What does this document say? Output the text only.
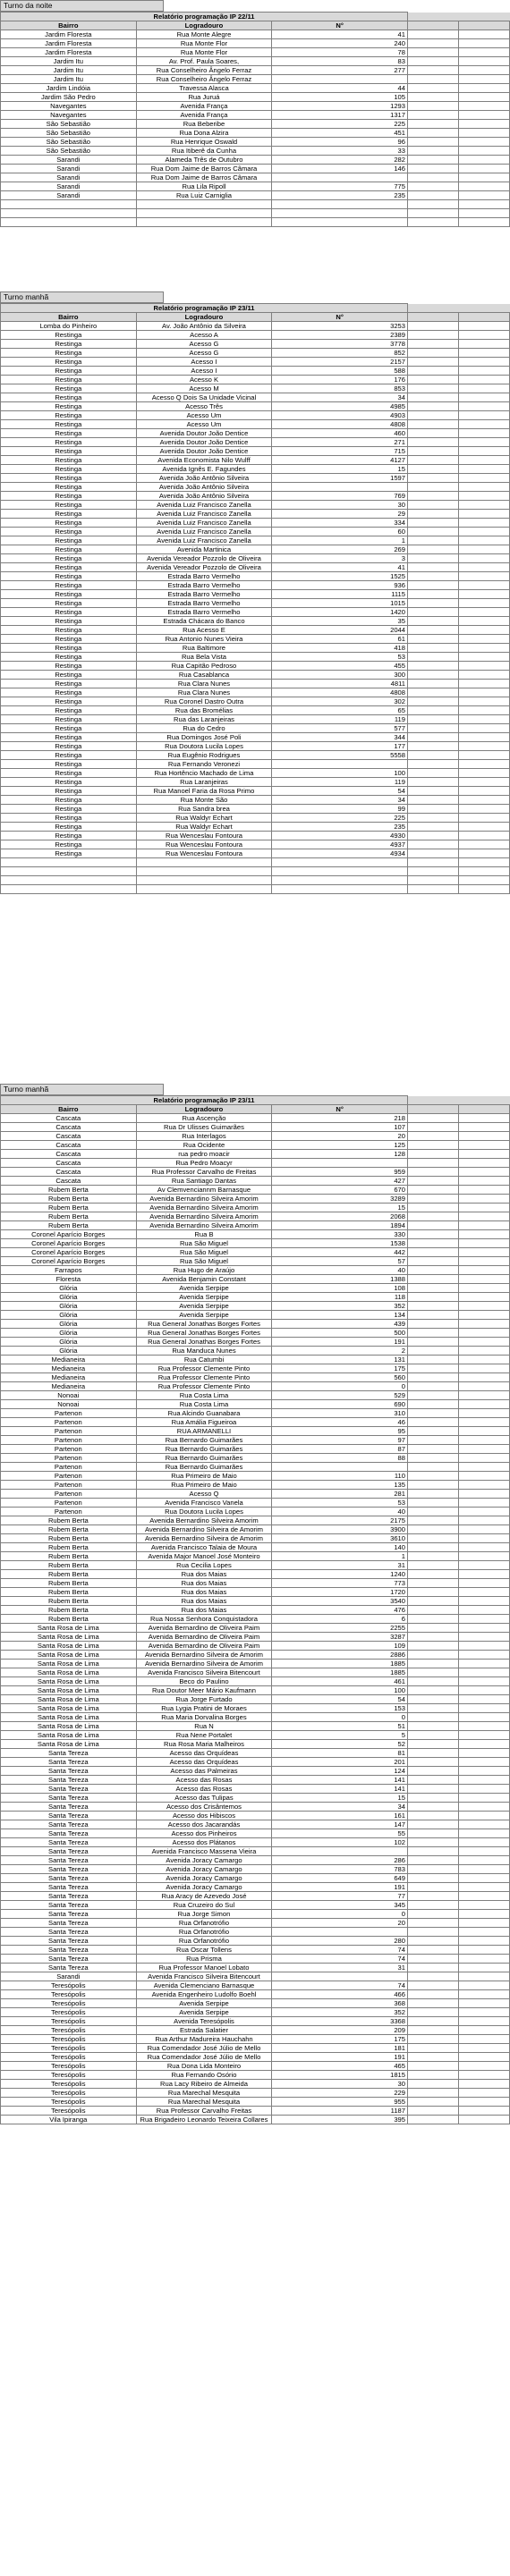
Turno da noite
Relatório programação IP 22/11				
Bairro	Logradouro	N°		
Jardim Floresta	Rua Monte Alegre	41		
Jardim Floresta	Rua Monte Flor	240		
Jardim Floresta	Rua Monte Flor	78		
Jardim Itu	Av. Prof. Paula Soares,	83		
Jardim Itu	Rua Conselheiro Ângelo Ferraz	277		
Jardim Itu	Rua Conselheiro Ângelo Ferraz			
Jardim Lindóia	Travessa Alasca	44		
Jardim São Pedro	Rua Juruá	105		
Navegantes	Avenida França	1293		
Navegantes	Avenida França	1317		
São Sebastião	Rua Beberibe	225		
São Sebastião	Rua Dona Alzira	451		
São Sebastião	Rua Henrique Oswald	96		
São Sebastião	Rua Itiberê da Cunha	33		
Sarandi	Alameda Três de Outubro	282		
Sarandi	Rua Dom Jaime de Barros Câmara	146		
Sarandi	Rua Dom Jaime de Barros Câmara			
Sarandi	Rua Lila Ripoll	775		
Sarandi	Rua Luiz Carniglia	235		

Turno manhã
Relatório programação IP 23/11				
Bairro	Logradouro	N°		
Lomba do Pinheiro	Av. João Antônio da Silveira	3253		
Restinga	Acesso A	2389		
Restinga	Acesso G	3778		
Restinga	Acesso G	852		
Restinga	Acesso I	2157		
Restinga	Acesso I	588		
Restinga	Acesso K	176		
Restinga	Acesso M	853		
Restinga	Acesso Q Dois Sa Unidade Vicinal	34		
Restinga	Acesso Três	4985		
Restinga	Acesso Um	4903		
Restinga	Acesso Um	4808		
Restinga	Avenida Doutor João Dentice	460		
Restinga	Avenida Doutor João Dentice	271		
Restinga	Avenida Doutor João Dentice	715		
Restinga	Avenida Economista Nilo Wulff	4127		
Restinga	Avenida Ignês E. Fagundes	15		
Restinga	Avenida João Antônio Silveira	1597		
Restinga	Avenida João Antônio Silveira			
Restinga	Avenida João Antônio Silveira	769		
Restinga	Avenida Luiz Francisco Zanella	30		
Restinga	Avenida Luiz Francisco Zanella	29		
Restinga	Avenida Luiz Francisco Zanella	334		
Restinga	Avenida Luiz Francisco Zanella	60		
Restinga	Avenida Luiz Francisco Zanella	1		
Restinga	Avenida Martinica	269		
Restinga	Avenida Vereador Pozzolo de Oliveira	3		
Restinga	Avenida Vereador Pozzolo de Oliveira	41		
Restinga	Estrada Barro Vermelho	1525		
Restinga	Estrada Barro Vermelho	936		
Restinga	Estrada Barro Vermelho	1115		
Restinga	Estrada Barro Vermelho	1015		
Restinga	Estrada Barro Vermelho	1420		
Restinga	Estrada Chácara do Banco	35		
Restinga	Rua Acesso E	2044		
Restinga	Rua Antonio Nunes Vieira	61		
Restinga	Rua Baltimore	418		
Restinga	Rua Bela Vista	53		
Restinga	Rua Capitão Pedroso	455		
Restinga	Rua Casablanca	300		
Restinga	Rua Clara Nunes	4811		
Restinga	Rua Clara Nunes	4808		
Restinga	Rua Coronel Dastro Outra	302		
Restinga	Rua das Bromélias	65		
Restinga	Rua das Laranjeiras	119		
Restinga	Rua do Cedro	577		
Restinga	Rua Domingos José Poli	344		
Restinga	Rua Doutora Lucila Lopes	177		
Restinga	Rua Eugênio Rodrigues	5558		
Restinga	Rua Fernando Veronezi			
Restinga	Rua Hortêncio Machado de Lima	100		
Restinga	Rua Laranjeiras	119		
Restinga	Rua Manoel Faria da Rosa Primo	54		
Restinga	Rua Monte São	34		
Restinga	Rua Sandra brea	99		
Restinga	Rua Waldyr Echart	225		
Restinga	Rua Waldyr Echart	235		
Restinga	Rua Wenceslau Fontoura	4930		
Restinga	Rua Wenceslau Fontoura	4937		
Restinga	Rua Wenceslau Fontoura	4934		

Turno manhã
Relatório programação IP 23/11				
Bairro	Logradouro	N°		
Cascata	Rua Ascenção	218		
Cascata	Rua Dr Ulisses Guimarães	107		
Cascata	Rua Interlagos	20		
Cascata	Rua Ocidente	125		
Cascata	rua pedro moacir	128		
Cascata	Rua Pedro Moacyr			
Cascata	Rua Professor Carvalho de Freitas	959		
Cascata	Rua Santiago Dantas	427		
Rubem Berta	Av Clemvenciannm Barnasque	670		
Rubem Berta	Avenida Bernardino Silveira Amorim	3289		
Rubem Berta	Avenida Bernardino Silveira Amorim	15		
Rubem Berta	Avenida Bernardino Silveira Amorim	2068		
Rubem Berta	Avenida Bernardino Silveira Amorim	1894		
Coronel Aparício Borges	Rua B	330		
Coronel Aparício Borges	Rua São Miguel	1538		
Coronel Aparício Borges	Rua São Miguel	442		
Coronel Aparício Borges	Rua São Miguel	57		
Farrapos	Rua Hugo de Araújo	40		
Floresta	Avenida Benjamin Constant	1388		
Glória	Avenida Serpipe	108		
Glória	Avenida Serpipe	118		
Glória	Avenida Serpipe	352		
Glória	Avenida Serpipe	134		
Glória	Rua General Jonathas Borges Fortes	439		
Glória	Rua General Jonathas Borges Fortes	500		
Glória	Rua General Jonathas Borges Fortes	191		
Glória	Rua Manduca Nunes	2		
Medianeira	Rua Catumbi	131		
Medianeira	Rua Professor Clemente Pinto	175		
Medianeira	Rua Professor Clemente Pinto	560		
Medianeira	Rua Professor Clemente Pinto	0		
Nonoai	Rua Costa Lima	529		
Nonoai	Rua Costa Lima	690		
Partenon	Rua Alcindo Guanabara	310		
Partenon	Rua Amália Figueiroa	46		
Partenon	RUA ARMANELLI	95		
Partenon	Rua Bernardo Guimarães	97		
Partenon	Rua Bernardo Guimarães	87		
Partenon	Rua Bernardo Guimarães	88		
Partenon	Rua Bernardo Guimarães			
Partenon	Rua Primeiro de Maio	110		
Partenon	Rua Primeiro de Maio	135		
Partenon	Acesso Q	281		
Partenon	Avenida Francisco Vanela	53		
Partenon	Rua Doutora Lucila Lopes	40		
Rubem Berta	Avenida Bernardino Silveira Amorim	2175		
Rubem Berta	Avenida Bernardino Silveira de Amorim	3900		
Rubem Berta	Avenida Bernardino Silveira de Amorim	3610		
Rubem Berta	Avenida Francisco Talaia de Moura	140		
Rubem Berta	Avenida Major Manoel José Monteiro	1		
Rubem Berta	Rua Cecilia Lopes	31		
Rubem Berta	Rua dos Maias	1240		
Rubem Berta	Rua dos Maias	773		
Rubem Berta	Rua dos Maias	1720		
Rubem Berta	Rua dos Maias	3540		
Rubem Berta	Rua dos Maias	476		
Rubem Berta	Rua Nossa Senhora Conquistadora	6		
Santa Rosa de Lima	Avenida Bernardino de Oliveira Paim	2255		
Santa Rosa de Lima	Avenida Bernardino de Oliveira Paim	3287		
Santa Rosa de Lima	Avenida Bernardino de Oliveira Paim	109		
Santa Rosa de Lima	Avenida Bernardino Silveira de Amorim	2886		
Santa Rosa de Lima	Avenida Bernardino Silveira de Amorim	1885		
Santa Rosa de Lima	Avenida Francisco Silveira Bitencourt	1885		
Santa Rosa de Lima	Beco do Paulino	461		
Santa Rosa de Lima	Rua Doutor Meer Mário Kaufmann	100		
Santa Rosa de Lima	Rua Jorge Furtado	54		
Santa Rosa de Lima	Rua Lygia Pratini de Moraes	153		
Santa Rosa de Lima	Rua Maria Dorvalina Borges	0		
Santa Rosa de Lima	Rua N	51		
Santa Rosa de Lima	Rua Nene Portalet	5		
Santa Rosa de Lima	Rua Rosa Maria Malheiros	52		
Santa Tereza	Acesso das Orquídeas	81		
Santa Tereza	Acesso das Orquídeas	201		
Santa Tereza	Acesso das Palmeiras	124		
Santa Tereza	Acesso das Rosas	141		
Santa Tereza	Acesso das Rosas	141		
Santa Tereza	Acesso das Tulipas	15		
Santa Tereza	Acesso dos Crisântemos	34		
Santa Tereza	Acesso dos Hibiscos	161		
Santa Tereza	Acesso dos Jacarandás	147		
Santa Tereza	Acesso dos Pinheiros	55		
Santa Tereza	Acesso dos Plátanos	102		
Santa Tereza	Avenida Francisco Massena Vieira			
Santa Tereza	Avenida Joracy Camargo	286		
Santa Tereza	Avenida Joracy Camargo	783		
Santa Tereza	Avenida Joracy Camargo	649		
Santa Tereza	Avenida Joracy Camargo	191		
Santa Tereza	Rua Aracy de Azevedo José	77		
Santa Tereza	Rua Cruzeiro do Sul	345		
Santa Tereza	Rua Jorge Simon	0		
Santa Tereza	Rua Orfanotrófio	20		
Santa Tereza	Rua Orfanotrófio			
Santa Tereza	Rua Orfanotrófio	280		
Santa Tereza	Rua Oscar Tollens	74		
Santa Tereza	Rua Prisma	74		
Santa Tereza	Rua Professor Manoel Lobato	31		
Sarandi	Avenida Francisco Silveira Bitencourt			
Teresópolis	Avenida Clemenciano Barnasque	74		
Teresópolis	Avenida Engenheiro Ludolfo Boehl	466		
Teresópolis	Avenida Serpipe	368		
Teresópolis	Avenida Serpipe	352		
Teresópolis	Avenida Teresópolis	3368		
Teresópolis	Estrada Salatier	209		
Teresópolis	Rua Arthur Madureira Hauchahn	175		
Teresópolis	Rua Comendador José Júlio de Mello	181		
Teresópolis	Rua Comendador José Júlio de Mello	191		
Teresópolis	Rua Dona Lida Monteiro	465		
Teresópolis	Rua Fernando Osório	1815		
Teresópolis	Rua Lacy Ribeiro de Almeida	30		
Teresópolis	Rua Marechal Mesquita	229		
Teresópolis	Rua Marechal Mesquita	955		
Teresópolis	Rua Professor Carvalho Freitas	1187		
Vila Ipiranga	Rua Brigadeiro Leonardo Teixeira Collares	395		
